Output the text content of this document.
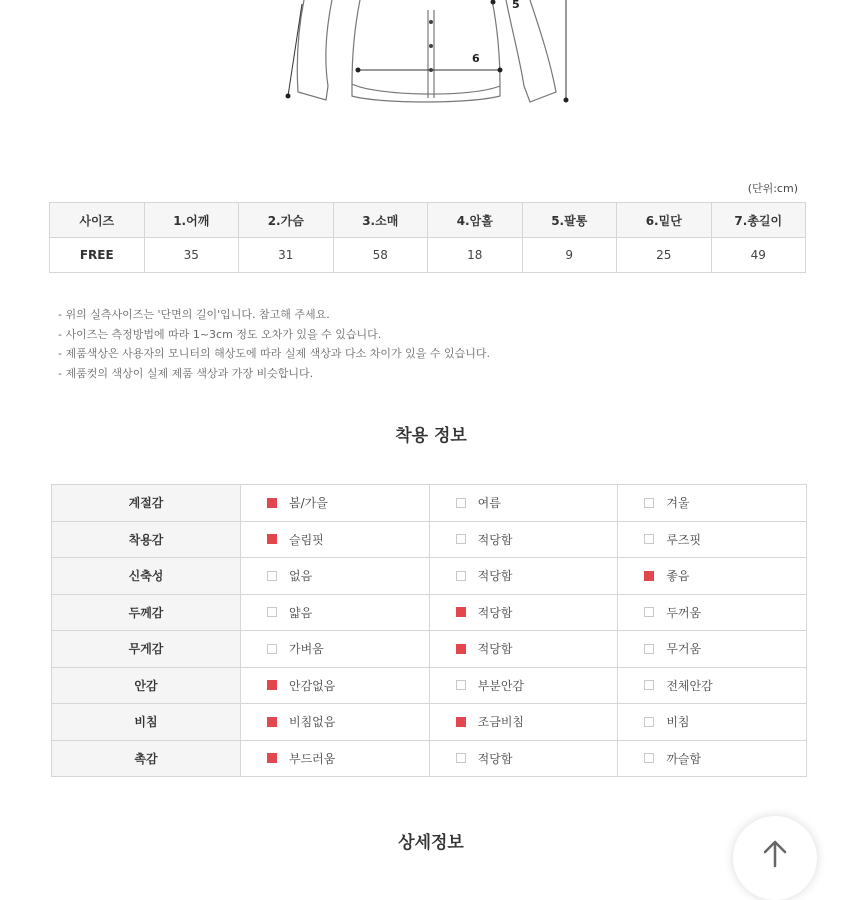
5
6
(단위:cm)
사이즈	1.어깨	2.가슴	3.소매	4.암홀	5.팔통	6.밑단	7.총길이
FREE	35	31	58	18	9	25	49
- 위의 실측사이즈는 '단면의 길이'입니다. 참고해 주세요.
- 사이즈는 측정방법에 따라 1~3cm 정도 오차가 있을 수 있습니다.
- 제품색상은 사용자의 모니터의 해상도에 따라 실제 색상과 다소 차이가 있을 수 있습니다.
- 제품컷의 색상이 실제 제품 색상과 가장 비슷합니다.
착용 정보
계절감	봄/가을	여름	겨울
착용감	슬림핏	적당함	루즈핏
신축성	없음	적당함	좋음
두께감	얇음	적당함	두꺼움
무게감	가벼움	적당함	무거움
안감	안감없음	부분안감	전체안감
비침	비침없음	조금비침	비침
촉감	부드러움	적당함	까슬함
상세정보
